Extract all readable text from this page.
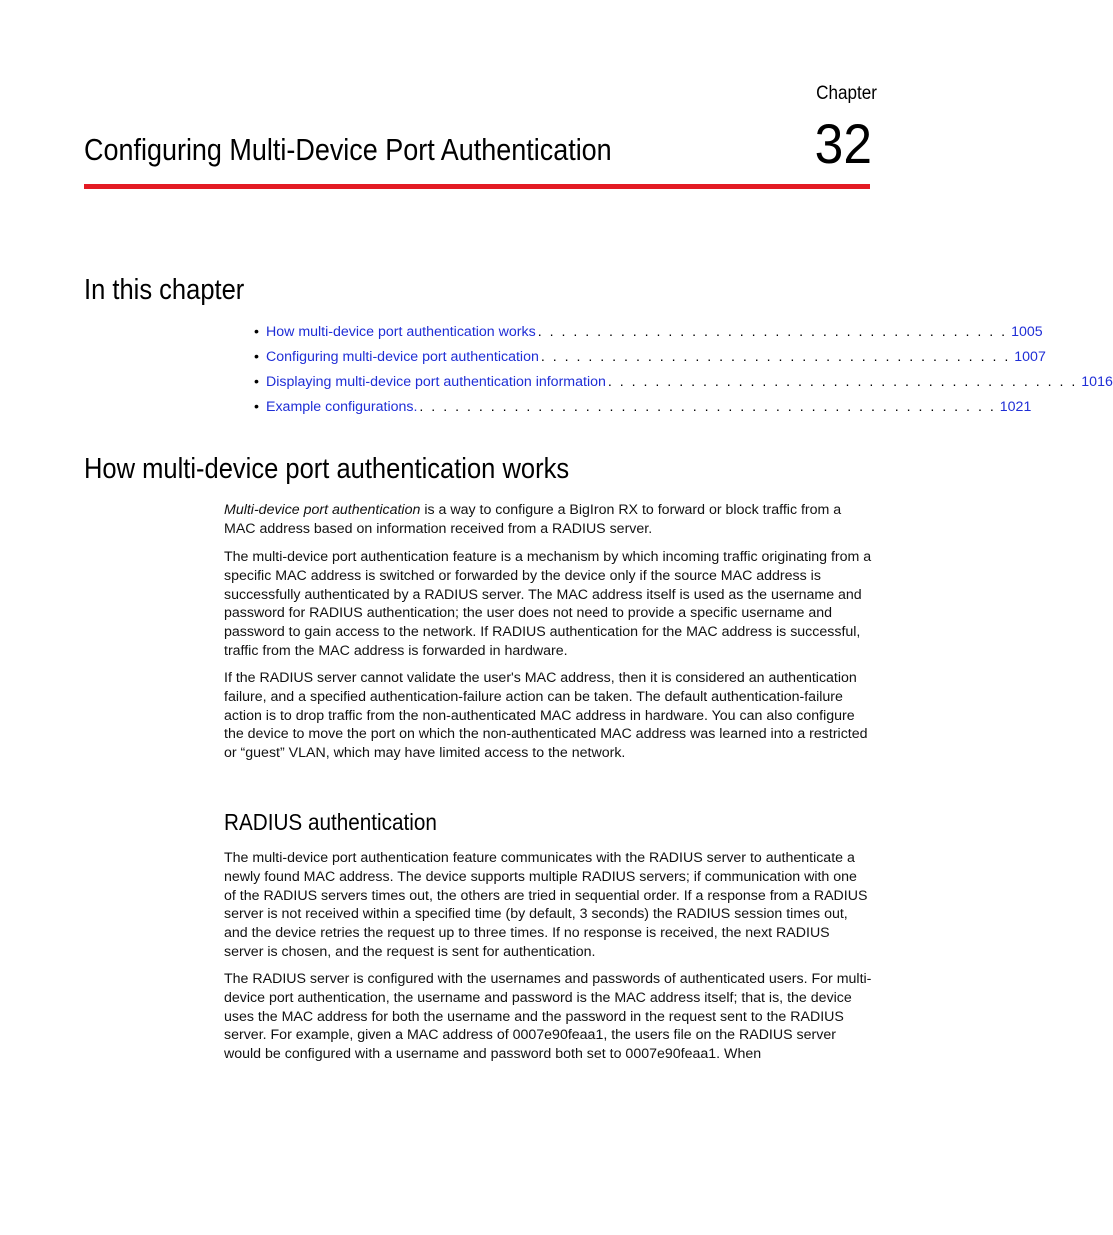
Chapter
32
Configuring Multi-Device Port Authentication
In this chapter
• How multi-device port authentication works . . . . . . . . . . . . . . . . . . . . . . . . . . . . . . . . . . . . . . . . 1005
• Configuring multi-device port authentication . . . . . . . . . . . . . . . . . . . . . . . . . . . . . . . . . . . . . . . . 1007
• Displaying multi-device port authentication information . . . . . . . . . . . . . . . . . . . . . . . . . . . . . . . . . . . . . . . . 1016
• Example configurations. . . . . . . . . . . . . . . . . . . . . . . . . . . . . . . . . . . . . . . . . . . . . . . . . . 1021
How multi-device port authentication works

Multi-device port authentication is a way to configure a BigIron RX to forward or block traffic from a MAC address based on information received from a RADIUS server.

The multi-device port authentication feature is a mechanism by which incoming traffic originating from a specific MAC address is switched or forwarded by the device only if the source MAC address is successfully authenticated by a RADIUS server. The MAC address itself is used as the username and password for RADIUS authentication; the user does not need to provide a specific username and password to gain access to the network. If RADIUS authentication for the MAC address is successful, traffic from the MAC address is forwarded in hardware.

If the RADIUS server cannot validate the user's MAC address, then it is considered an authentication failure, and a specified authentication-failure action can be taken. The default authentication-failure action is to drop traffic from the non-authenticated MAC address in hardware. You can also configure the device to move the port on which the non-authenticated MAC address was learned into a restricted or “guest” VLAN, which may have limited access to the network.

RADIUS authentication

The multi-device port authentication feature communicates with the RADIUS server to authenticate a newly found MAC address. The device supports multiple RADIUS servers; if communication with one of the RADIUS servers times out, the others are tried in sequential order. If a response from a RADIUS server is not received within a specified time (by default, 3 seconds) the RADIUS session times out, and the device retries the request up to three times. If no response is received, the next RADIUS server is chosen, and the request is sent for authentication.

The RADIUS server is configured with the usernames and passwords of authenticated users. For multi-device port authentication, the username and password is the MAC address itself; that is, the device uses the MAC address for both the username and the password in the request sent to the RADIUS server. For example, given a MAC address of 0007e90feaa1, the users file on the RADIUS server would be configured with a username and password both set to 0007e90feaa1. When
